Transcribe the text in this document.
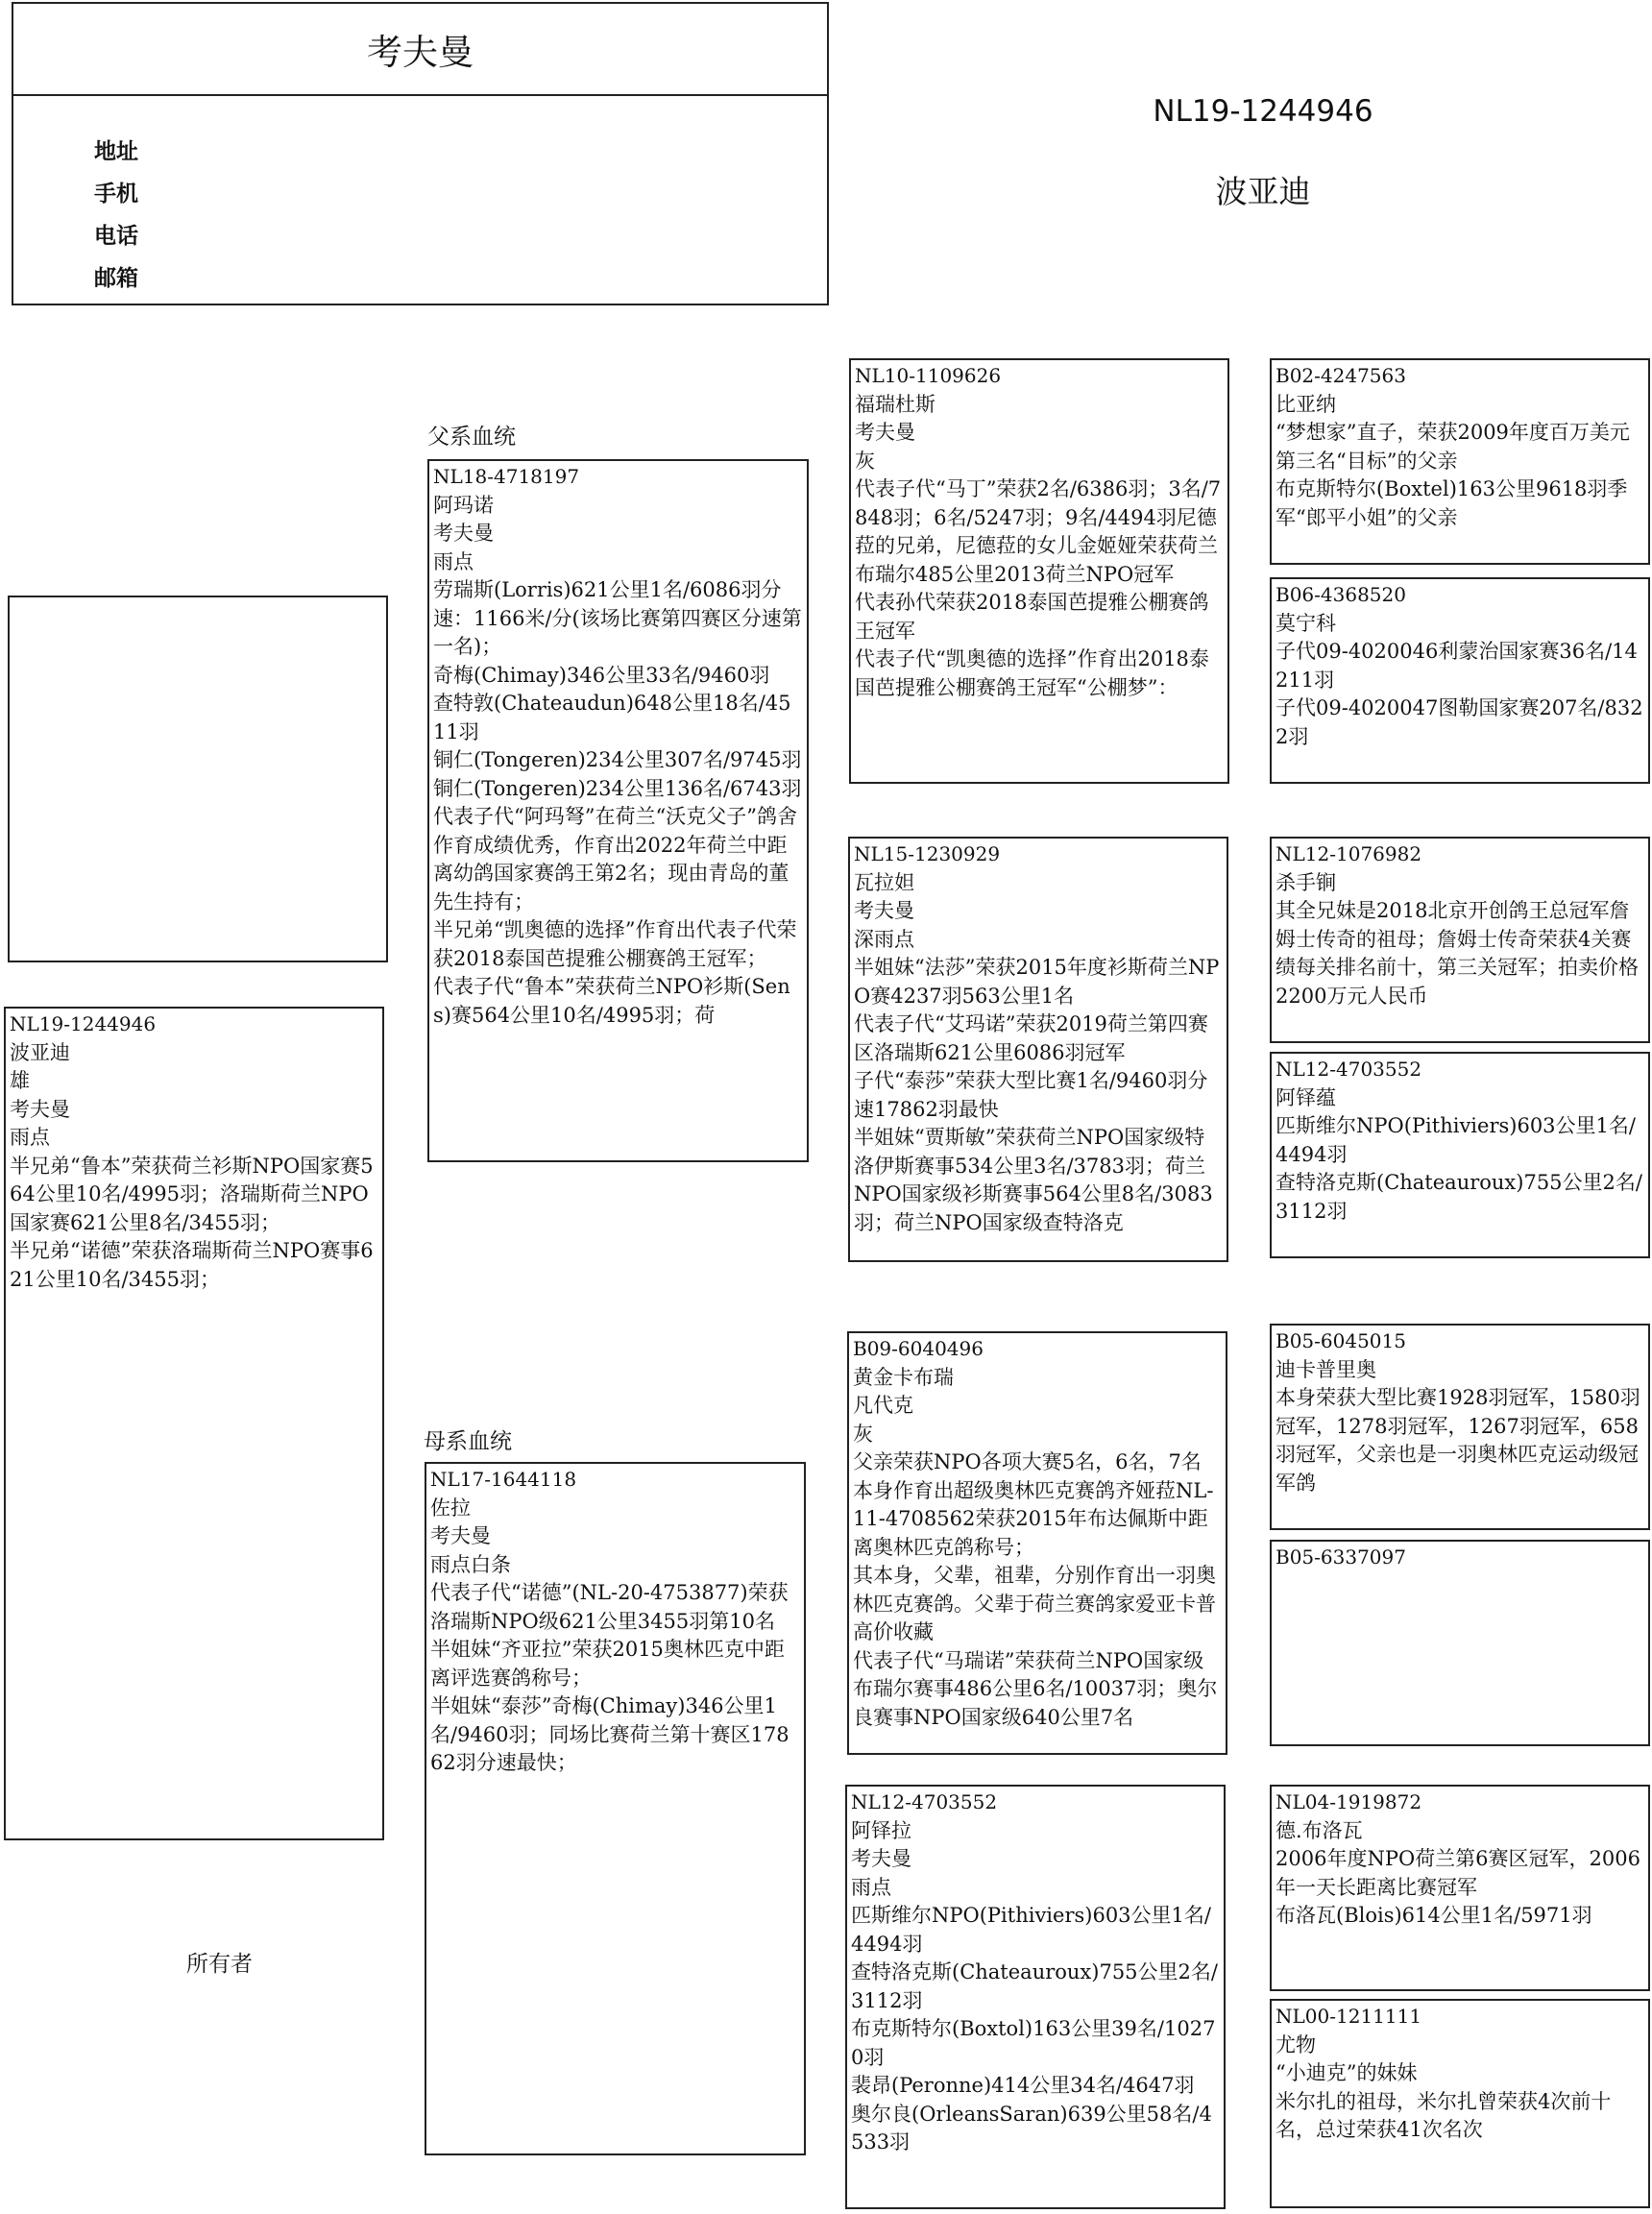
考夫曼
地址
手机
电话
邮箱
NL19-1244946
波亚迪
父系血统
母系血统
所有者
NL19-1244946
波亚迪
雄
考夫曼
雨点
半兄弟“鲁本”荣获荷兰衫斯NPO国家赛564公里10名/4995羽；洛瑞斯荷兰NPO国家赛621公里8名/3455羽；
半兄弟“诺德”荣获洛瑞斯荷兰NPO赛事621公里10名/3455羽；
NL18-4718197
阿玛诺
考夫曼
雨点
劳瑞斯(Lorris)621公里1名/6086羽分速：1166米/分(该场比赛第四赛区分速第一名)；
奇梅(Chimay)346公里33名/9460羽
查特敦(Chateaudun)648公里18名/4511羽
铜仁(Tongeren)234公里307名/9745羽
铜仁(Tongeren)234公里136名/6743羽
代表子代“阿玛弩”在荷兰“沃克父子”鸽舍作育成绩优秀，作育出2022年荷兰中距离幼鸽国家赛鸽王第2名；现由青岛的董先生持有；
半兄弟“凯奥德的选择”作育出代表子代荣获2018泰国芭提雅公棚赛鸽王冠军；
代表子代“鲁本”荣获荷兰NPO衫斯(Sens)赛564公里10名/4995羽；荷
NL17-1644118
佐拉
考夫曼
雨点白条
代表子代“诺德”(NL-20-4753877)荣获洛瑞斯NPO级621公里3455羽第10名
半姐妹“齐亚拉”荣获2015奥林匹克中距离评选赛鸽称号；
半姐妹“泰莎”奇梅(Chimay)346公里1名/9460羽；同场比赛荷兰第十赛区17862羽分速最快；
NL10-1109626
福瑞杜斯
考夫曼
灰
代表子代“马丁”荣获2名/6386羽；3名/7848羽；6名/5247羽；9名/4494羽尼德菈的兄弟，尼德菈的女儿金姬娅荣获荷兰布瑞尔485公里2013荷兰NPO冠军
代表孙代荣获2018泰国芭提雅公棚赛鸽王冠军
代表子代“凯奥德的选择”作育出2018泰国芭提雅公棚赛鸽王冠军“公棚梦”：
NL15-1230929
瓦拉妲
考夫曼
深雨点
半姐妹“法莎”荣获2015年度衫斯荷兰NPO赛4237羽563公里1名
代表子代“艾玛诺”荣获2019荷兰第四赛区洛瑞斯621公里6086羽冠军
子代“泰莎”荣获大型比赛1名/9460羽分速17862羽最快
半姐妹“贾斯敏”荣获荷兰NPO国家级特洛伊斯赛事534公里3名/3783羽；荷兰NPO国家级衫斯赛事564公里8名/3083羽；荷兰NPO国家级查特洛克
B09-6040496
黄金卡布瑞
凡代克
灰
父亲荣获NPO各项大赛5名，6名，7名
本身作育出超级奥林匹克赛鸽齐娅菈NL-11-4708562荣获2015年布达佩斯中距离奥林匹克鸽称号；
其本身，父辈，祖辈，分别作育出一羽奥林匹克赛鸽。父辈于荷兰赛鸽家爱亚卡普高价收藏
代表子代“马瑞诺”荣获荷兰NPO国家级布瑞尔赛事486公里6名/10037羽；奥尔良赛事NPO国家级640公里7名
NL12-4703552
阿铎拉
考夫曼
雨点
匹斯维尔NPO(Pithiviers)603公里1名/4494羽
查特洛克斯(Chateauroux)755公里2名/3112羽
布克斯特尔(Boxtol)163公里39名/10270羽
裴昂(Peronne)414公里34名/4647羽
奥尔良(OrleansSaran)639公里58名/4533羽
B02-4247563
比亚纳
“梦想家”直子，荣获2009年度百万美元第三名“目标”的父亲
布克斯特尔(Boxtel)163公里9618羽季军“郎平小姐”的父亲
B06-4368520
莫宁科
子代09-4020046利蒙治国家赛36名/14211羽
子代09-4020047图勒国家赛207名/8322羽
NL12-1076982
杀手锏
其全兄妹是2018北京开创鸽王总冠军詹姆士传奇的祖母；詹姆士传奇荣获4关赛绩每关排名前十，第三关冠军；拍卖价格2200万元人民币
NL12-4703552
阿铎蕴
匹斯维尔NPO(Pithiviers)603公里1名/4494羽
查特洛克斯(Chateauroux)755公里2名/3112羽
B05-6045015
迪卡普里奥
本身荣获大型比赛1928羽冠军，1580羽冠军，1278羽冠军，1267羽冠军，658羽冠军，父亲也是一羽奥林匹克运动级冠军鸽
B05-6337097
NL04-1919872
德.布洛瓦
2006年度NPO荷兰第6赛区冠军，2006年一天长距离比赛冠军
布洛瓦(Blois)614公里1名/5971羽
NL00-1211111
尤物
“小迪克”的妹妹
米尔扎的祖母，米尔扎曾荣获4次前十名，总过荣获41次名次
